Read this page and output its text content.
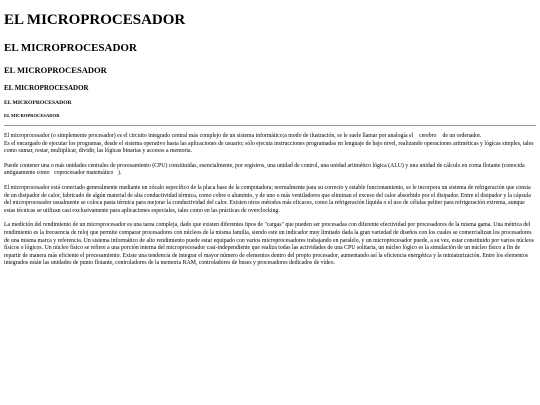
EL MICROPROCESADOR
EL MICROPROCESADOR
EL MICROPROCESADOR
EL MICROPROCESADOR
EL MICROPROCESADOR
EL MICROPROCESADOR
El microprocesador (o simplemente procesador) es el circuito integrado central más complejo de un sistema informático;a modo de ilustración, se le suele llamar por analogía el  cerebro  de un ordenador.
Es el encargado de ejecutar los programas, desde el sistema operativo hasta las aplicaciones de usuario; sólo ejecuta instrucciones programadas en lenguaje de bajo nivel, realizando operaciones aritméticas y lógicas simples, tales como sumar, restar, multiplicar, dividir, las lógicas binarias y accesos a memoria.
Puede contener una o más unidades centrales de procesamiento (CPU) constituidas, esencialmente, por registros, una unidad de control, una unidad aritmético lógica (ALU) y una unidad de cálculo en coma flotante (conocida antiguamente como coprocesador matemático ).
El microprocesador está conectado generalmente mediante un zócalo específico de la placa base de la computadora; normalmente para su correcto y estable funcionamiento, se le incorpora un sistema de refrigeración que consta de un disipador de calor, fabricado de algún material de alta conductividad térmica, como cobre o aluminio, y de uno o más ventiladores que eliminan el exceso del calor absorbido por el disipador. Entre el disipador y la cápsula del microprocesador usualmente se coloca pasta térmica para mejorar la conductividad del calor. Existen otros métodos más eficaces, como la refrigeración líquida o el uso de células peltier para refrigeración extrema, aunque estas técnicas se utilizan casi exclusivamente para aplicaciones especiales, tales como en las prácticas de overclocking.
La medición del rendimiento de un microprocesador es una tarea compleja, dado que existen diferentes tipos de "cargas" que pueden ser procesadas con diferente efectividad por procesadores de la misma gama. Una métrica del rendimiento es la frecuencia de reloj que permite comparar procesadores con núcleos de la misma familia, siendo este un indicador muy limitado dada la gran variedad de diseños con los cuales se comercializan los procesadores de una misma marca y referencia. Un sistema informático de alto rendimiento puede estar equipado con varios microprocesadores trabajando en paralelo, y un microprocesador puede, a su vez, estar constituido por varios núcleos físicos o lógicos. Un núcleo físico se refiere a una porción interna del microprocesador casi-independiente que realiza todas las actividades de una CPU solitaria, un núcleo lógico es la simulación de un núcleo físico a fin de repartir de manera más eficiente el procesamiento. Existe una tendencia de integrar el mayor número de elementos dentro del propio procesador, aumentando así la eficiencia energética y la miniaturización. Entre los elementos integrados están las unidades de punto flotante, controladores de la memoria RAM, controladores de buses y procesadores dedicados de vídeo.
